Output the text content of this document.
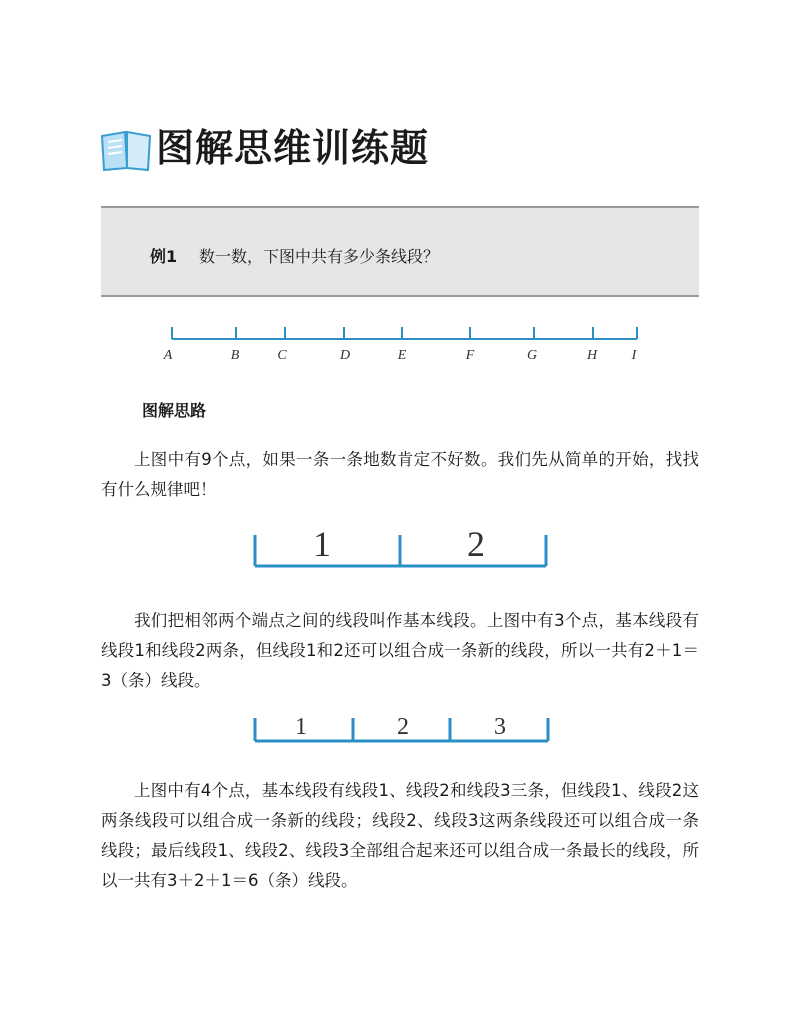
图解思维训练题
例1 数一数，下图中共有多少条线段？
A	B	C	D	E	F	G	H I
1	2
1	2	3
图解思路

上图中有9个点，如果一条一条地数肯定不好数。我们先从简单的开始，找找有什么规律吧！

我们把相邻两个端点之间的线段叫作基本线段。上图中有3个点，基本线段有线段1和线段2两条，但线段1和2还可以组合成一条新的线段，所以一共有2＋1＝3（条）线段。

上图中有4个点，基本线段有线段1、线段2和线段3三条，但线段1、线段2这两条线段可以组合成一条新的线段；线段2、线段3这两条线段还可以组合成一条线段；最后线段1、线段2、线段3全部组合起来还可以组合成一条最长的线段，所以一共有3＋2＋1＝6（条）线段。
